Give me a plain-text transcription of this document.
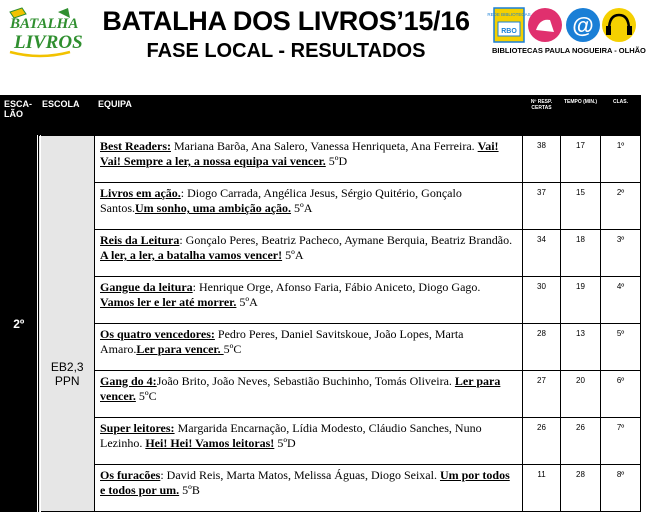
BATALHA
LIVROS
BATALHA DOS LIVROS’15/16
FASE LOCAL - RESULTADOS
REDE BIBLIOTECAS
RBO	@
BIBLIOTECAS PAULA NOGUEIRA - OLHÃO
ESCA-LÃO	ESCOLA	EQUIPA	Nº RESP. CERTAS	TEMPO (MIN.)	CLAS.
2º	EB2,3 PPN	Best Readers: Mariana Barõa, Ana Salero, Vanessa Henriqueta, Ana Ferreira. Vai! Vai! Sempre a ler, a nossa equipa vai vencer. 5ºD	38	17	1º
		Livros em ação.: Diogo Carrada, Angélica Jesus, Sérgio Quitério, Gonçalo Santos.Um sonho, uma ambição ação. 5ºA	37	15	2º
		Reis da Leitura: Gonçalo Peres, Beatriz Pacheco, Aymane Berquia, Beatriz Brandão. A ler, a ler, a batalha vamos vencer! 5ºA	34	18	3º
		Gangue da leitura: Henrique Orge, Afonso Faria, Fábio Aniceto, Diogo Gago. Vamos ler e ler até morrer. 5ºA	30	19	4º
		Os quatro vencedores: Pedro Peres, Daniel Savitskoue, João Lopes, Marta Amaro.Ler para vencer. 5ºC	28	13	5º
		Gang do 4:João Brito, João Neves, Sebastião Buchinho, Tomás Oliveira. Ler para vencer. 5ºC	27	20	6º
		Super leitores: Margarida Encarnação, Lídia Modesto, Cláudio Sanches, Nuno Lezinho. Hei! Hei! Vamos leitoras! 5ºD	26	26	7º
		Os furacões: David Reis, Marta Matos, Melissa Águas, Diogo Seixal. Um por todos e todos por um. 5ºB	11	28	8º
